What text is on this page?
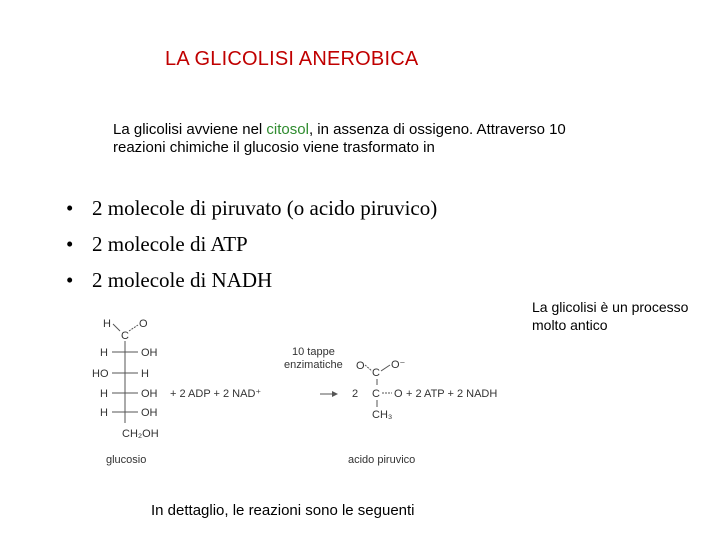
LA GLICOLISI ANEROBICA
La glicolisi avviene nel citosol, in assenza di ossigeno. Attraverso 10 reazioni chimiche il glucosio viene trasformato in
• 2 molecole di piruvato (o acido piruvico)
• 2 molecole di ATP
• 2 molecole di NADH
La glicolisi è un processo molto antico
H
C
O
H	OH
HO	H
H	OH
H	OH
CH₂OH
glucosio
+ 2 ADP + 2 NAD⁺
10 tappe
enzimatiche
2
O
C
O⁻
C O
CH₃
acido piruvico
+ 2 ATP + 2 NADH
In dettaglio, le reazioni sono le seguenti
